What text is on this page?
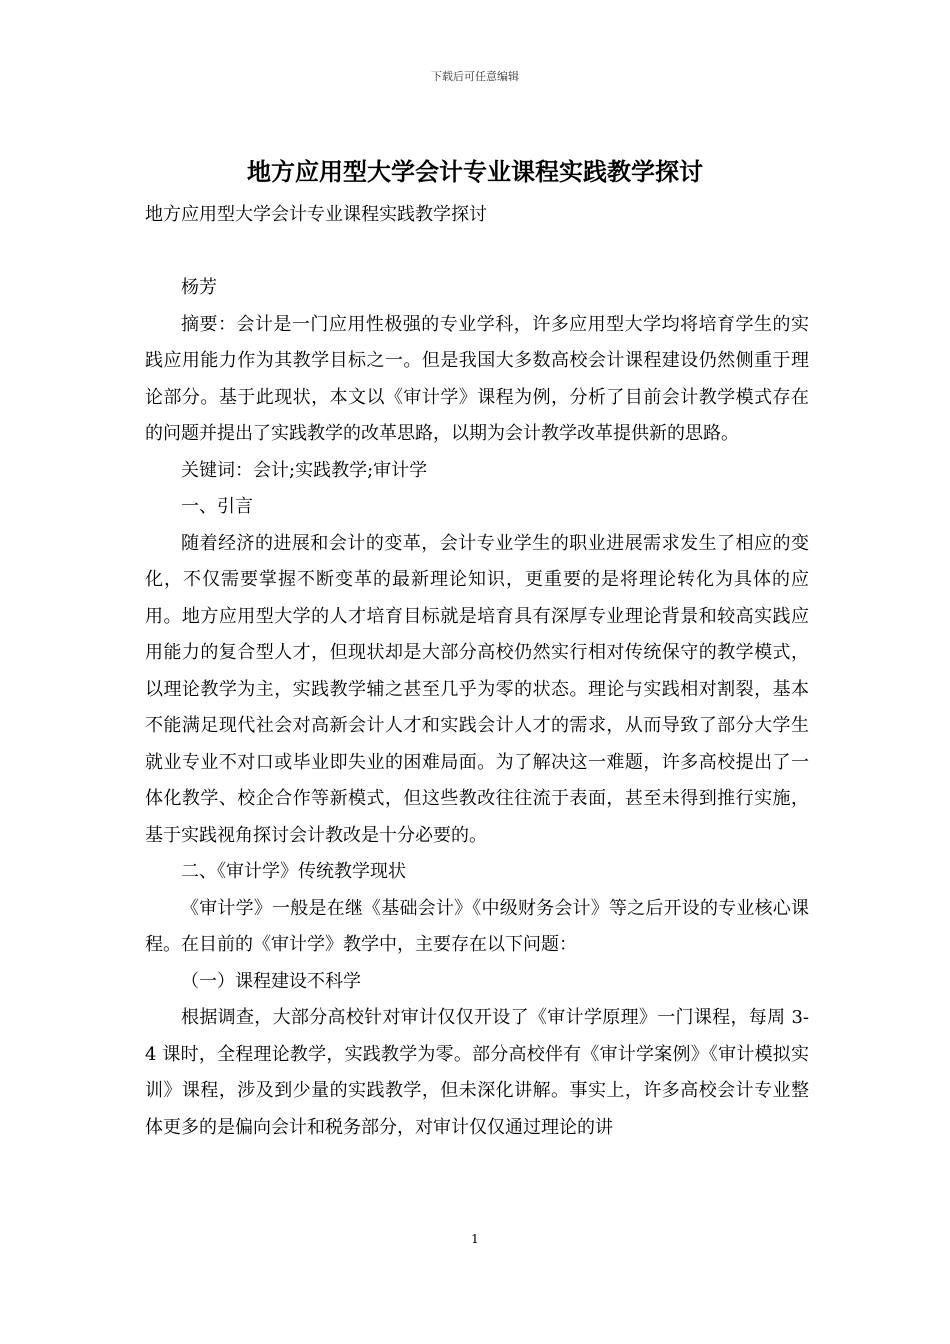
下载后可任意编辑
地方应用型大学会计专业课程实践教学探讨
地方应用型大学会计专业课程实践教学探讨

杨芳

摘要：会计是一门应用性极强的专业学科，许多应用型大学均将培育学生的实践应用能力作为其教学目标之一。但是我国大多数高校会计课程建设仍然侧重于理论部分。基于此现状，本文以《审计学》课程为例，分析了目前会计教学模式存在的问题并提出了实践教学的改革思路，以期为会计教学改革提供新的思路。

关键词：会计;实践教学;审计学

一、引言

随着经济的进展和会计的变革，会计专业学生的职业进展需求发生了相应的变化，不仅需要掌握不断变革的最新理论知识，更重要的是将理论转化为具体的应用。地方应用型大学的人才培育目标就是培育具有深厚专业理论背景和较高实践应用能力的复合型人才，但现状却是大部分高校仍然实行相对传统保守的教学模式，以理论教学为主，实践教学辅之甚至几乎为零的状态。理论与实践相对割裂，基本不能满足现代社会对高新会计人才和实践会计人才的需求，从而导致了部分大学生就业专业不对口或毕业即失业的困难局面。为了解决这一难题，许多高校提出了一体化教学、校企合作等新模式，但这些教改往往流于表面，甚至未得到推行实施，基于实践视角探讨会计教改是十分必要的。

二、《审计学》传统教学现状

《审计学》一般是在继《基础会计》《中级财务会计》等之后开设的专业核心课程。在目前的《审计学》教学中，主要存在以下问题：

（一）课程建设不科学

根据调查，大部分高校针对审计仅仅开设了《审计学原理》一门课程，每周 3-4 课时，全程理论教学，实践教学为零。部分高校伴有《审计学案例》《审计模拟实训》课程，涉及到少量的实践教学，但未深化讲解。事实上，许多高校会计专业整体更多的是偏向会计和税务部分，对审计仅仅通过理论的讲

1
